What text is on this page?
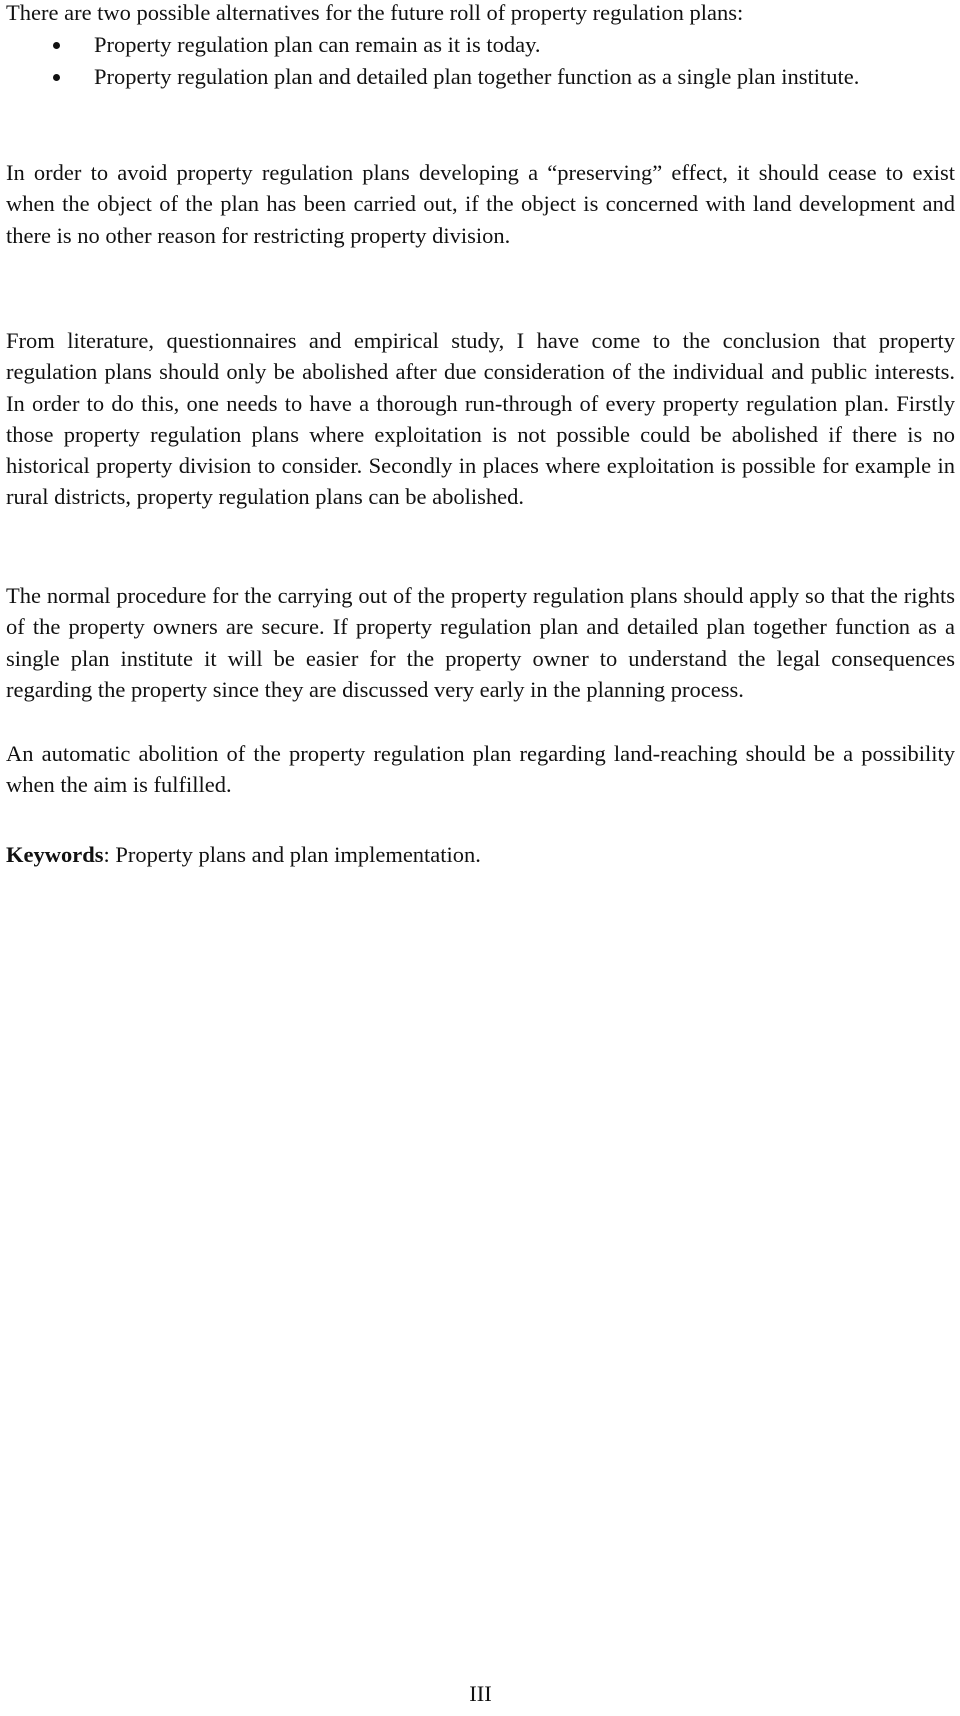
There are two possible alternatives for the future roll of property regulation plans:

Property regulation plan can remain as it is today.
Property regulation plan and detailed plan together function as a single plan institute.

In order to avoid property regulation plans developing a “preserving” effect, it should cease to exist when the object of the plan has been carried out, if the object is concerned with land development and there is no other reason for restricting property division.

From literature, questionnaires and empirical study, I have come to the conclusion that property regulation plans should only be abolished after due consideration of the individual and public interests. In order to do this, one needs to have a thorough run-through of every property regulation plan. Firstly those property regulation plans where exploitation is not possible could be abolished if there is no historical property division to consider. Secondly in places where exploitation is possible for example in rural districts, property regulation plans can be abolished.

The normal procedure for the carrying out of the property regulation plans should apply so that the rights of the property owners are secure. If property regulation plan and detailed plan together function as a single plan institute it will be easier for the property owner to understand the legal consequences regarding the property since they are discussed very early in the planning process.

An automatic abolition of the property regulation plan regarding land-reaching should be a possibility when the aim is fulfilled.

Keywords: Property plans and plan implementation.

III
